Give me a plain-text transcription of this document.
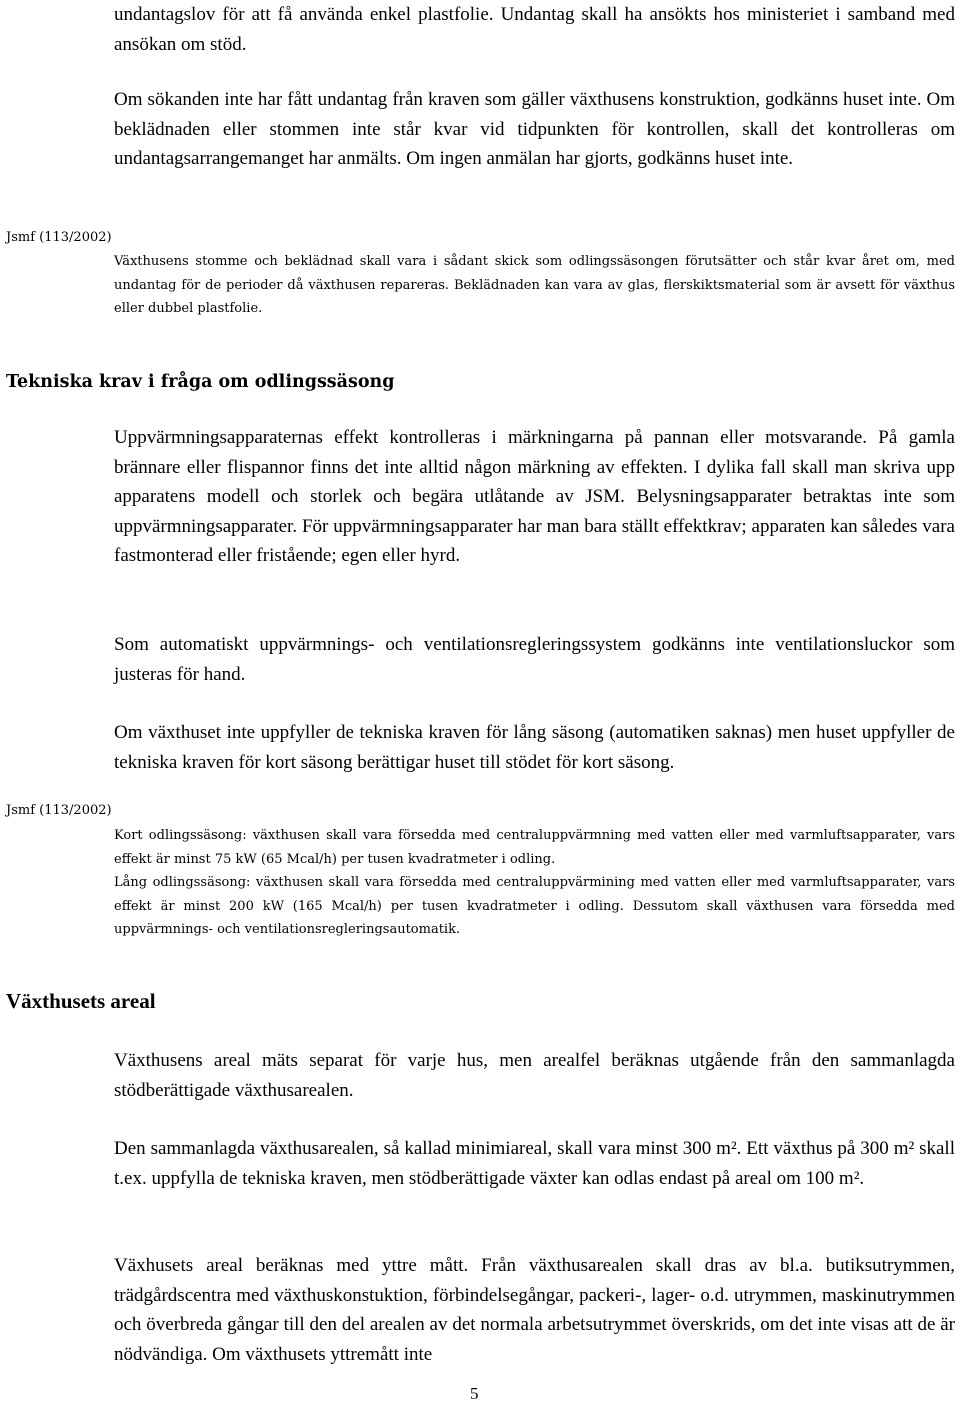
undantagslov för att få använda enkel plastfolie. Undantag skall ha ansökts hos ministeriet i samband med ansökan om stöd.

Om sökanden inte har fått undantag från kraven som gäller växthusens konstruktion, godkänns huset inte. Om beklädnaden eller stommen inte står kvar vid tidpunkten för kontrollen, skall det kontrolleras om undantagsarrangemanget har anmälts. Om ingen anmälan har gjorts, godkänns huset inte.

Jsmf (113/2002)

Växthusens stomme och beklädnad skall vara i sådant skick som odlingssäsongen förutsätter och står kvar året om, med undantag för de perioder då växthusen repareras. Beklädnaden kan vara av glas, flerskiktsmaterial som är avsett för växthus eller dubbel plastfolie.

Tekniska krav i fråga om odlingssäsong

Uppvärmningsapparaternas effekt kontrolleras i märkningarna på pannan eller motsvarande. På gamla brännare eller flispannor finns det inte alltid någon märkning av effekten. I dylika fall skall man skriva upp apparatens modell och storlek och begära utlåtande av JSM. Belysningsapparater betraktas inte som uppvärmningsapparater. För uppvärmningsapparater har man bara ställt effektkrav; apparaten kan således vara fastmonterad eller fristående; egen eller hyrd.

Som automatiskt uppvärmnings- och ventilationsregleringssystem godkänns inte ventilationsluckor som justeras för hand.

Om växthuset inte uppfyller de tekniska kraven för lång säsong (automatiken saknas) men huset uppfyller de tekniska kraven för kort säsong berättigar huset till stödet för kort säsong.

Jsmf (113/2002)

Kort odlingssäsong: växthusen skall vara försedda med centraluppvärmning med vatten eller med varmluftsapparater, vars effekt är minst 75 kW (65 Mcal/h) per tusen kvadratmeter i odling.

Lång odlingssäsong: växthusen skall vara försedda med centraluppvärmining med vatten eller med varmluftsapparater, vars effekt är minst 200 kW (165 Mcal/h) per tusen kvadratmeter i odling. Dessutom skall växthusen vara försedda med uppvärmnings- och ventilationsregleringsautomatik.

Växthusets areal

Växthusens areal mäts separat för varje hus, men arealfel beräknas utgående från den sammanlagda stödberättigade växthusarealen.

Den sammanlagda växthusarealen, så kallad minimiareal, skall vara minst 300 m². Ett växthus på 300 m² skall t.ex. uppfylla de tekniska kraven, men stödberättigade växter kan odlas endast på areal om 100 m².

Växhusets areal beräknas med yttre mått. Från växthusarealen skall dras av bl.a. butiksutrymmen, trädgårdscentra med växthuskonstuktion, förbindelsegångar, packeri-, lager- o.d. utrymmen, maskinutrymmen och överbreda gångar till den del arealen av det normala arbetsutrymmet överskrids, om det inte visas att de är nödvändiga. Om växthusets yttremått inte

5
